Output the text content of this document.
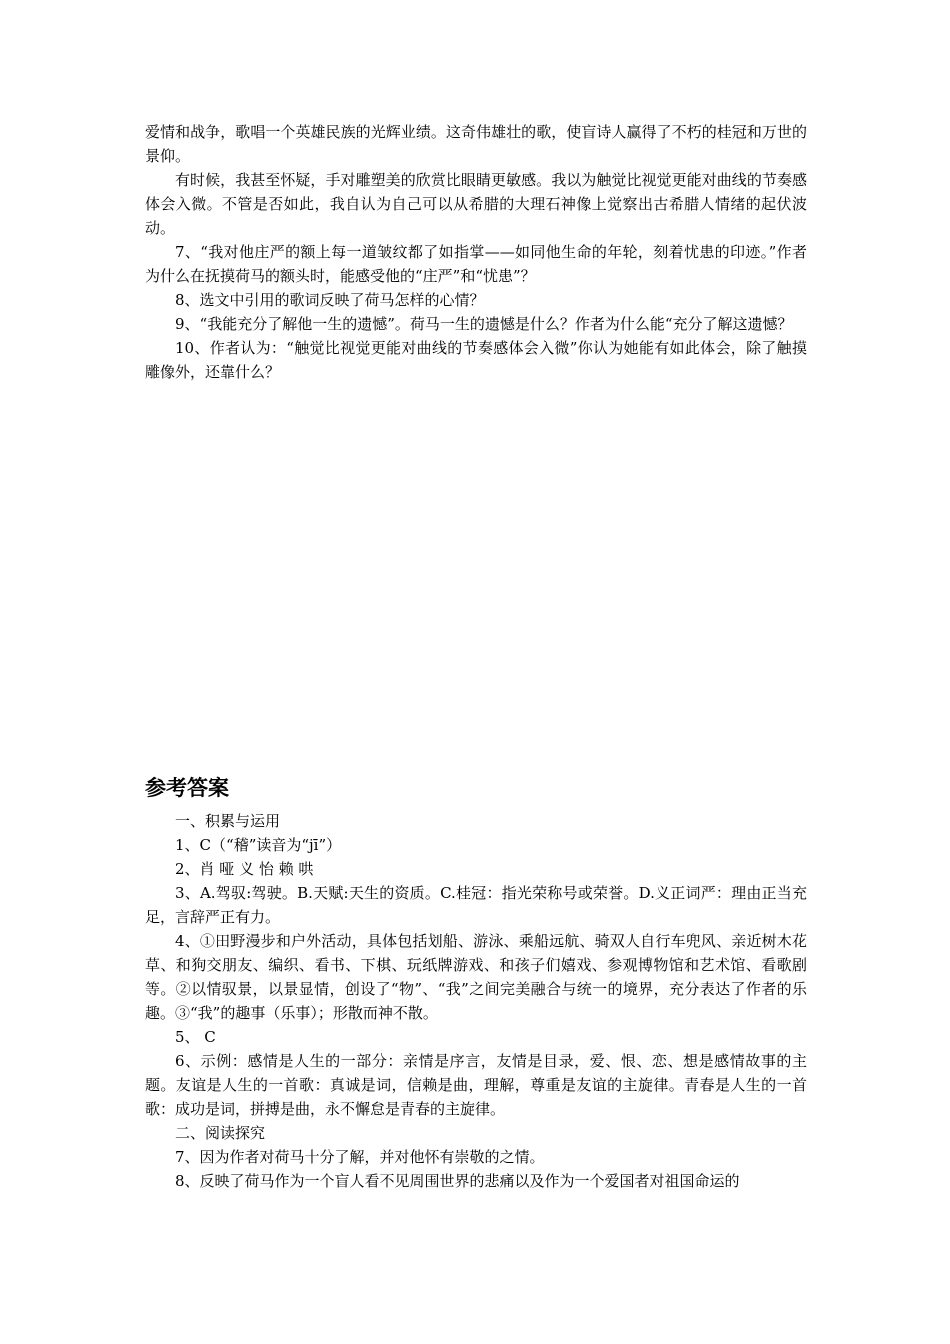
爱情和战争，歌唱一个英雄民族的光辉业绩。这奇伟雄壮的歌，使盲诗人赢得了不朽的桂冠和万世的景仰。

有时候，我甚至怀疑，手对雕塑美的欣赏比眼睛更敏感。我以为触觉比视觉更能对曲线的节奏感体会入微。不管是否如此，我自认为自己可以从希腊的大理石神像上觉察出古希腊人情绪的起伏波动。

7、“我对他庄严的额上每一道皱纹都了如指掌——如同他生命的年轮，刻着忧患的印迹。”作者为什么在抚摸荷马的额头时，能感受他的“庄严”和“忧患”？

8、选文中引用的歌词反映了荷马怎样的心情？

9、“我能充分了解他一生的遗憾”。荷马一生的遗憾是什么？作者为什么能“充分了解这遗憾？

10、作者认为：“触觉比视觉更能对曲线的节奏感体会入微”你认为她能有如此体会，除了触摸雕像外，还靠什么？

参考答案

一、积累与运用

1、C（“稽”读音为“jī”）

2、肖 哑 义 怡 赖 哄

3、A.驾驭:驾驶。B.天赋:天生的资质。C.桂冠：指光荣称号或荣誉。D.义正词严：理由正当充足，言辞严正有力。

4、①田野漫步和户外活动，具体包括划船、游泳、乘船远航、骑双人自行车兜风、亲近树木花草、和狗交朋友、编织、看书、下棋、玩纸牌游戏、和孩子们嬉戏、参观博物馆和艺术馆、看歌剧等。②以情驭景，以景显情，创设了“物”、“我”之间完美融合与统一的境界，充分表达了作者的乐趣。③“我”的趣事（乐事）；形散而神不散。

5、 C

6、示例：感情是人生的一部分：亲情是序言，友情是目录，爱、恨、恋、想是感情故事的主题。友谊是人生的一首歌：真诚是词，信赖是曲，理解，尊重是友谊的主旋律。青春是人生的一首歌：成功是词，拼搏是曲，永不懈怠是青春的主旋律。

二、阅读探究

7、因为作者对荷马十分了解，并对他怀有崇敬的之情。

8、反映了荷马作为一个盲人看不见周围世界的悲痛以及作为一个爱国者对祖国命运的
